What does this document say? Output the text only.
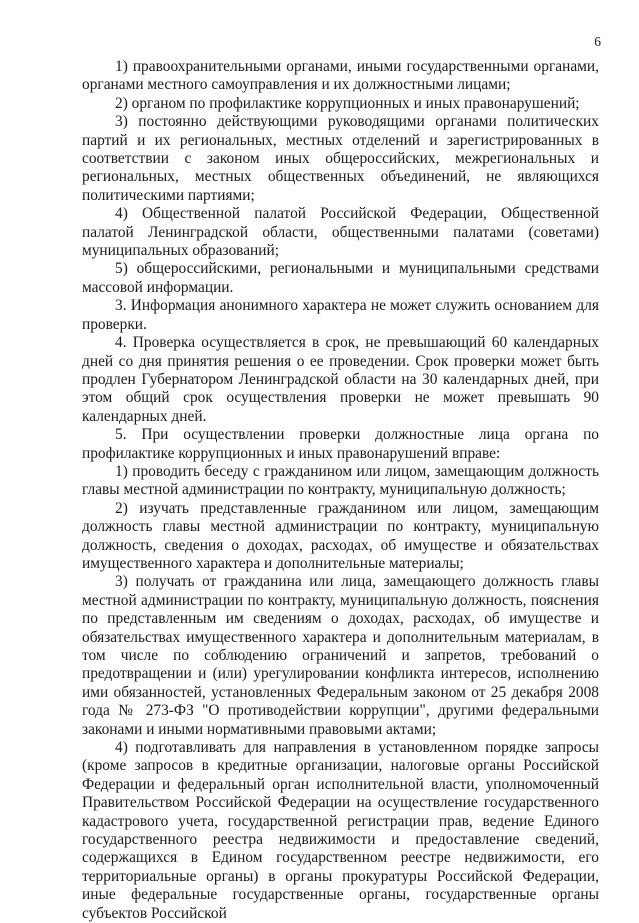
6

1) правоохранительными органами, иными государственными органами, органами местного самоуправления и их должностными лицами;

2) органом по профилактике коррупционных и иных правонарушений;

3) постоянно действующими руководящими органами политических партий и их региональных, местных отделений и зарегистрированных в соответствии с законом иных общероссийских, межрегиональных и региональных, местных общественных объединений, не являющихся политическими партиями;

4) Общественной палатой Российской Федерации, Общественной палатой Ленинградской области, общественными палатами (советами) муниципальных образований;

5) общероссийскими, региональными и муниципальными средствами массовой информации.

3. Информация анонимного характера не может служить основанием для проверки.

4. Проверка осуществляется в срок, не превышающий 60 календарных дней со дня принятия решения о ее проведении. Срок проверки может быть продлен Губернатором Ленинградской области на 30 календарных дней, при этом общий срок осуществления проверки не может превышать 90 календарных дней.

5. При осуществлении проверки должностные лица органа по профилактике коррупционных и иных правонарушений вправе:

1) проводить беседу с гражданином или лицом, замещающим должность главы местной администрации по контракту, муниципальную должность;

2) изучать представленные гражданином или лицом, замещающим должность главы местной администрации по контракту, муниципальную должность, сведения о доходах, расходах, об имуществе и обязательствах имущественного характера и дополнительные материалы;

3) получать от гражданина или лица, замещающего должность главы местной администрации по контракту, муниципальную должность, пояснения по представленным им сведениям о доходах, расходах, об имуществе и обязательствах имущественного характера и дополнительным материалам, в том числе по соблюдению ограничений и запретов, требований о предотвращении и (или) урегулировании конфликта интересов, исполнению ими обязанностей, установленных Федеральным законом от 25 декабря 2008 года № 273-ФЗ "О противодействии коррупции", другими федеральными законами и иными нормативными правовыми актами;

4) подготавливать для направления в установленном порядке запросы (кроме запросов в кредитные организации, налоговые органы Российской Федерации и федеральный орган исполнительной власти, уполномоченный Правительством Российской Федерации на осуществление государственного кадастрового учета, государственной регистрации прав, ведение Единого государственного реестра недвижимости и предоставление сведений, содержащихся в Едином государственном реестре недвижимости, его территориальные органы) в органы прокуратуры Российской Федерации, иные федеральные государственные органы, государственные органы субъектов Российской
